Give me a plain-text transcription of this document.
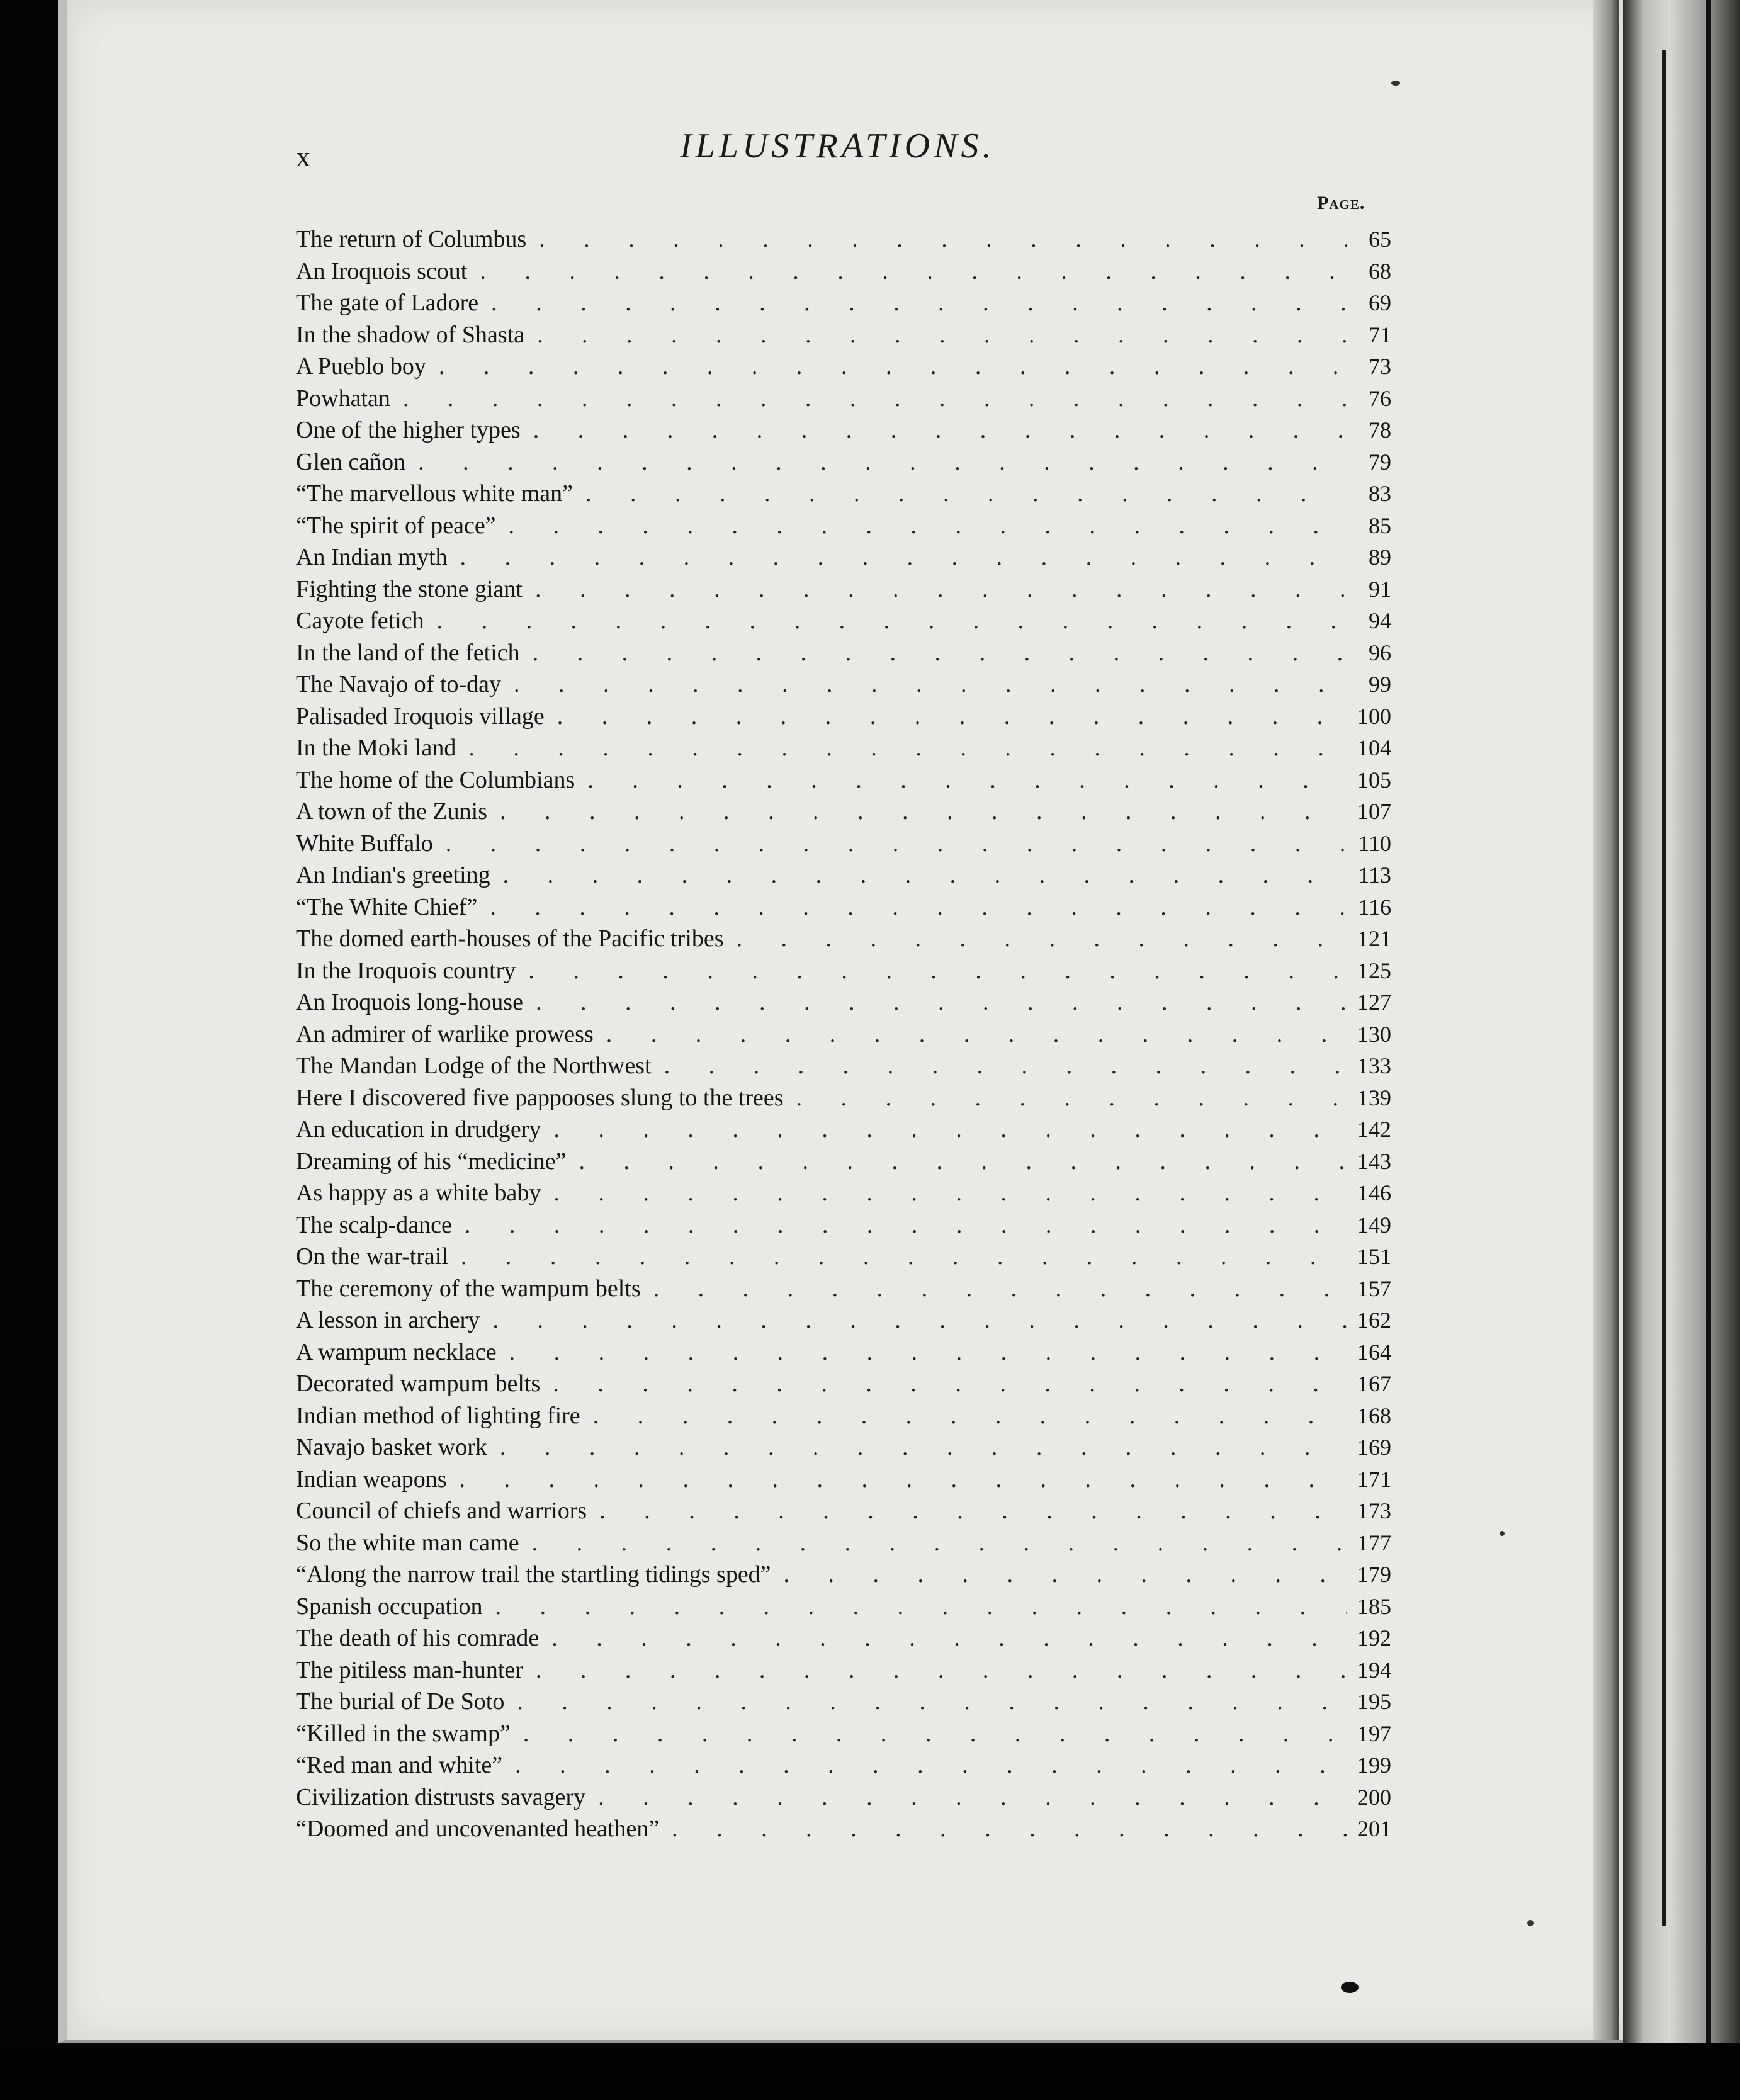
x	ILLUSTRATIONS.
Page.
The return of Columbus . . .	65
An Iroquois scout . . .	68
The gate of Ladore . . .	69
In the shadow of Shasta . . .	71
A Pueblo boy . . .	73
Powhatan . . .	76
One of the higher types . . .	78
Glen cañon . . .	79
“The marvellous white man” . . .	83
“The spirit of peace” . . .	85
An Indian myth . . .	89
Fighting the stone giant . . .	91
Cayote fetich . . .	94
In the land of the fetich . . .	96
The Navajo of to-day . . .	99
Palisaded Iroquois village . . .	100
In the Moki land . . .	104
The home of the Columbians . . .	105
A town of the Zunis . . .	107
White Buffalo . . .	110
An Indian's greeting . . .	113
“The White Chief” . . .	116
The domed earth-houses of the Pacific tribes . . .	121
In the Iroquois country . . .	125
An Iroquois long-house . . .	127
An admirer of warlike prowess . . .	130
The Mandan Lodge of the Northwest . . .	133
Here I discovered five pappooses slung to the trees . . .	139
An education in drudgery . . .	142
Dreaming of his “medicine” . . .	143
As happy as a white baby . . .	146
The scalp-dance . . .	149
On the war-trail . . .	151
The ceremony of the wampum belts . . .	157
A lesson in archery . . .	162
A wampum necklace . . .	164
Decorated wampum belts . . .	167
Indian method of lighting fire . . .	168
Navajo basket work . . .	169
Indian weapons . . .	171
Council of chiefs and warriors . . .	173
So the white man came . . .	177
“Along the narrow trail the startling tidings sped” . . .	179
Spanish occupation . . .	185
The death of his comrade . . .	192
The pitiless man-hunter . . .	194
The burial of De Soto . . .	195
“Killed in the swamp” . . .	197
“Red man and white” . . .	199
Civilization distrusts savagery . . .	200
“Doomed and uncovenanted heathen” . . .	201
